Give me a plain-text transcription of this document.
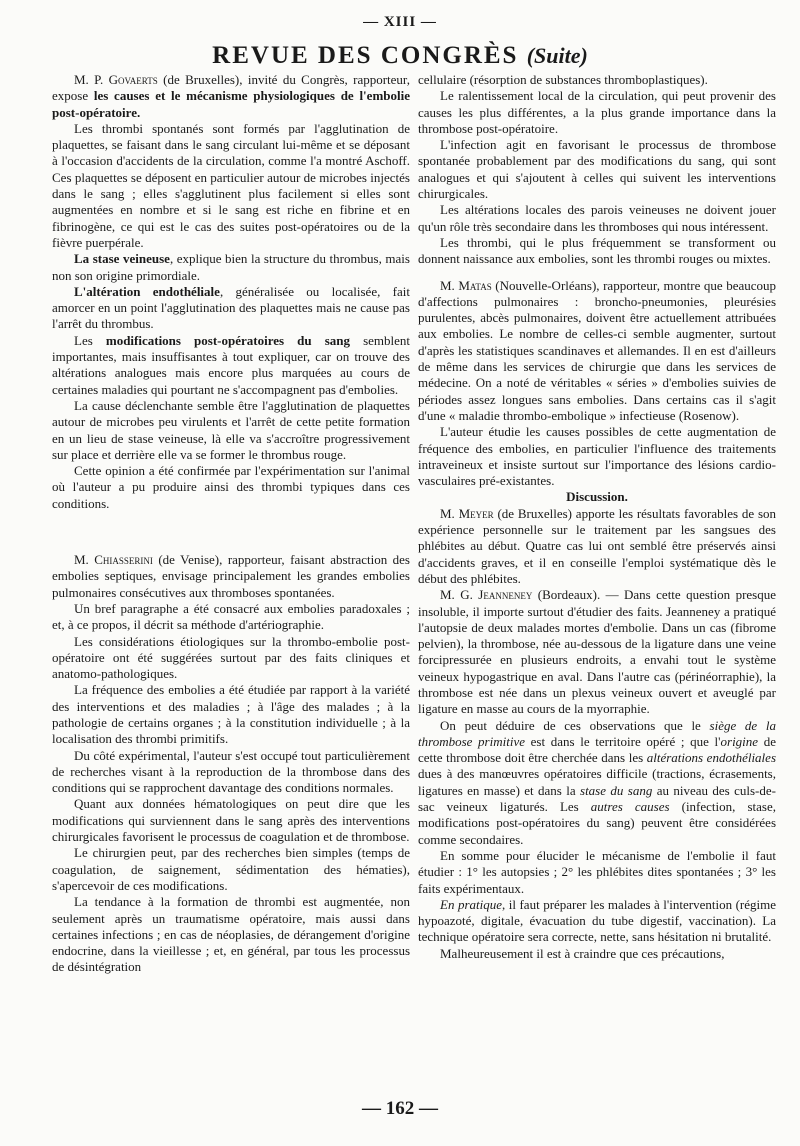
— XIII —
REVUE DES CONGRÈS (Suite)

M. P. Govaerts (de Bruxelles), invité du Congrès, rapporteur, expose les causes et le mécanisme physiologiques de l'embolie post-opératoire.

Les thrombi spontanés sont formés par l'agglutination de plaquettes, se faisant dans le sang circulant lui-même et se déposant à l'occasion d'accidents de la circulation, comme l'a montré Aschoff. Ces plaquettes se déposent en particulier autour de microbes injectés dans le sang ; elles s'agglutinent plus facilement si elles sont augmentées en nombre et si le sang est riche en fibrine et en fibrinogène, ce qui est le cas des suites post-opératoires ou de la fièvre puerpérale.

La stase veineuse, explique bien la structure du thrombus, mais non son origine primordiale.

L'altération endothéliale, généralisée ou localisée, fait amorcer en un point l'agglutination des plaquettes mais ne cause pas l'arrêt du thrombus.

Les modifications post-opératoires du sang semblent importantes, mais insuffisantes à tout expliquer, car on trouve des altérations analogues mais encore plus marquées au cours de certaines maladies qui pourtant ne s'accompagnent pas d'embolies.

La cause déclenchante semble être l'agglutination de plaquettes autour de microbes peu virulents et l'arrêt de cette petite formation en un lieu de stase veineuse, là elle va s'accroître progressivement sur place et derrière elle va se former le thrombus rouge.

Cette opinion a été confirmée par l'expérimentation sur l'animal où l'auteur a pu produire ainsi des thrombi typiques dans ces conditions.

M. Chiasserini (de Venise), rapporteur, faisant abstraction des embolies septiques, envisage principalement les grandes embolies pulmonaires consécutives aux thromboses spontanées.

Un bref paragraphe a été consacré aux embolies paradoxales ; et, à ce propos, il décrit sa méthode d'artériographie.

Les considérations étiologiques sur la thrombo-embolie post-opératoire ont été suggérées surtout par des faits cliniques et anatomo-pathologiques.

La fréquence des embolies a été étudiée par rapport à la variété des interventions et des maladies ; à l'âge des malades ; à la pathologie de certains organes ; à la constitution individuelle ; à la localisation des thrombi primitifs.

Du côté expérimental, l'auteur s'est occupé tout particulièrement de recherches visant à la reproduction de la thrombose dans des conditions qui se rapprochent davantage des conditions normales.

Quant aux données hématologiques on peut dire que les modifications qui surviennent dans le sang après des interventions chirurgicales favorisent le processus de coagulation et de thrombose.

Le chirurgien peut, par des recherches bien simples (temps de coagulation, de saignement, sédimentation des hématies), s'apercevoir de ces modifications.

La tendance à la formation de thrombi est augmentée, non seulement après un traumatisme opératoire, mais aussi dans certaines infections ; en cas de néoplasies, de dérangement d'origine endocrine, dans la vieillesse ; et, en général, par tous les processus de désintégration

cellulaire (résorption de substances thromboplastiques).

Le ralentissement local de la circulation, qui peut provenir des causes les plus différentes, a la plus grande importance dans la thrombose post-opératoire.

L'infection agit en favorisant le processus de thrombose spontanée probablement par des modifications du sang, qui sont analogues et qui s'ajoutent à celles qui suivent les interventions chirurgicales.

Les altérations locales des parois veineuses ne doivent jouer qu'un rôle très secondaire dans les thromboses qui nous intéressent.

Les thrombi, qui le plus fréquemment se transforment ou donnent naissance aux embolies, sont les thrombi rouges ou mixtes.

M. Matas (Nouvelle-Orléans), rapporteur, montre que beaucoup d'affections pulmonaires : broncho-pneumonies, pleurésies purulentes, abcès pulmonaires, doivent être actuellement attribuées aux embolies. Le nombre de celles-ci semble augmenter, surtout d'après les statistiques scandinaves et allemandes. Il en est d'ailleurs de même dans les services de chirurgie que dans les services de médecine. On a noté de véritables « séries » d'embolies suivies de périodes assez longues sans embolies. Dans certains cas il s'agit d'une « maladie thrombo-embolique » infectieuse (Rosenow).

L'auteur étudie les causes possibles de cette augmentation de fréquence des embolies, en particulier l'influence des traitements intraveineux et insiste surtout sur l'importance des lésions cardio-vasculaires pré-existantes.

Discussion.

M. Meyer (de Bruxelles) apporte les résultats favorables de son expérience personnelle sur le traitement par les sangsues des phlébites au début. Quatre cas lui ont semblé être préservés ainsi d'accidents graves, et il en conseille l'emploi systématique dès le début des phlébites.

M. G. Jeanneney (Bordeaux). — Dans cette question presque insoluble, il importe surtout d'étudier des faits. Jeanneney a pratiqué l'autopsie de deux malades mortes d'embolie. Dans un cas (fibrome pelvien), la thrombose, née au-dessous de la ligature dans une veine forcipressurée en plusieurs endroits, a envahi tout le système veineux hypogastrique en aval. Dans l'autre cas (périnéorraphie), la thrombose est née dans un plexus veineux ouvert et aveuglé par ligature en masse au cours de la myorraphie.

On peut déduire de ces observations que le siège de la thrombose primitive est dans le territoire opéré ; que l'origine de cette thrombose doit être cherchée dans les altérations endothéliales dues à des manœuvres opératoires difficile (tractions, écrasements, ligatures en masse) et dans la stase du sang au niveau des culs-de-sac veineux ligaturés. Les autres causes (infection, stase, modifications post-opératoires du sang) peuvent être considérées comme secondaires.

En somme pour élucider le mécanisme de l'embolie il faut étudier : 1° les autopsies ; 2° les phlébites dites spontanées ; 3° les faits expérimentaux.

En pratique, il faut préparer les malades à l'intervention (régime hypoazoté, digitale, évacuation du tube digestif, vaccination). La technique opératoire sera correcte, nette, sans hésitation ni brutalité.

Malheureusement il est à craindre que ces précautions,

— 162 —
